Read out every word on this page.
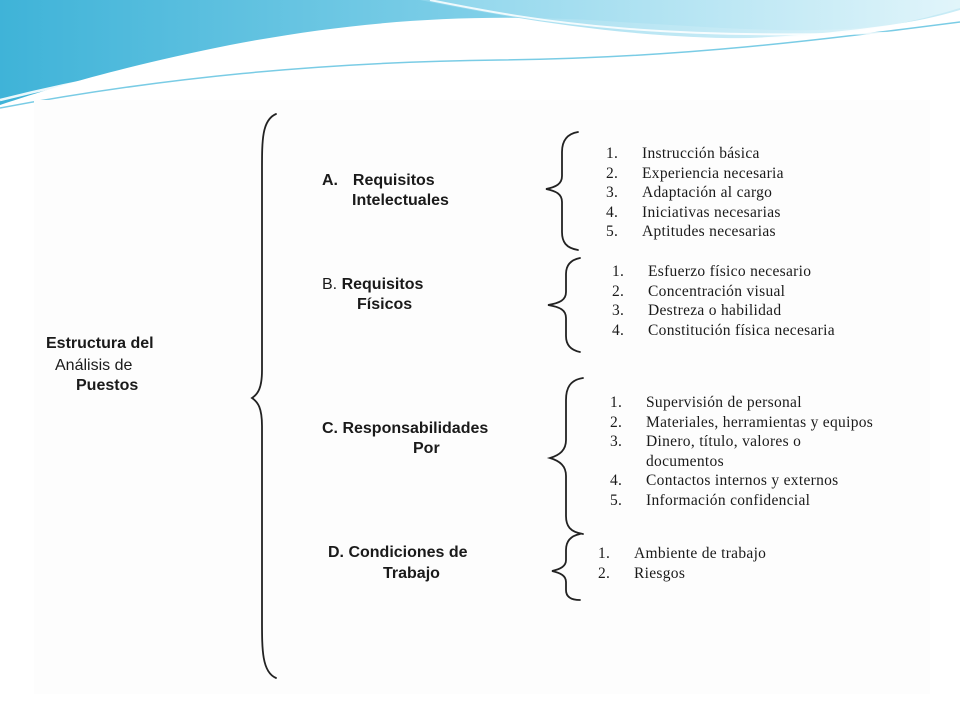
Estructura del
Análisis de
Puestos
A. Requisitos
Intelectuales
B. Requisitos
Físicos
C. Responsabilidades
Por
D. Condiciones de
Trabajo
1.	Instrucción básica
2.	Experiencia necesaria
3.	Adaptación al cargo
4.	Iniciativas necesarias
5.	Aptitudes necesarias
1.	Esfuerzo físico necesario
2.	Concentración visual
3.	Destreza o habilidad
4.	Constitución física necesaria
1.	Supervisión de personal
2.	Materiales, herramientas y equipos
3.	Dinero, título, valores o documentos
4.	Contactos internos y externos
5.	Información confidencial
1.	Ambiente de trabajo
2.	Riesgos
